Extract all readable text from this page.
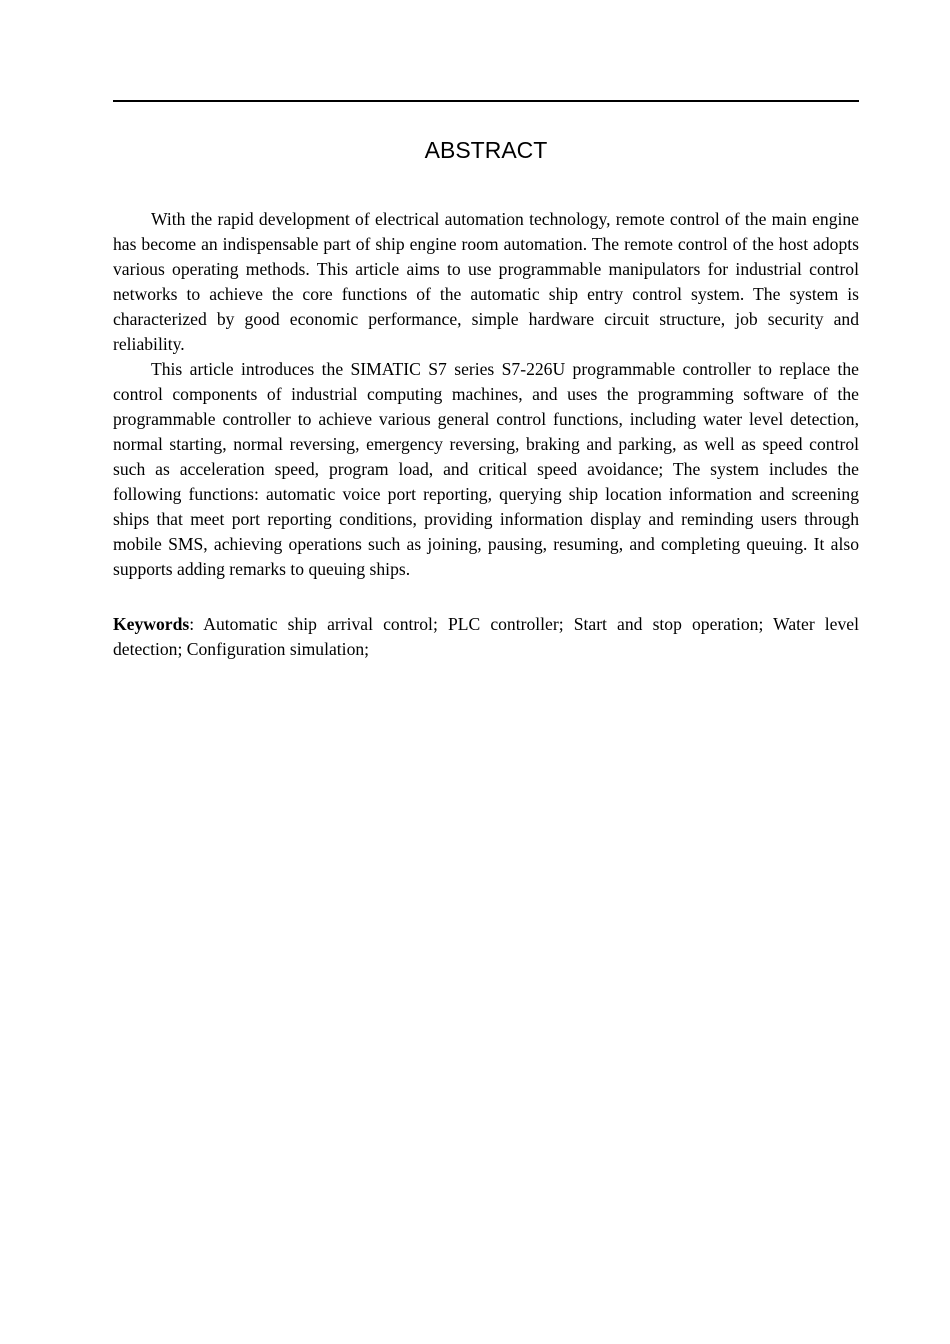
ABSTRACT

With the rapid development of electrical automation technology, remote control of the main engine has become an indispensable part of ship engine room automation. The remote control of the host adopts various operating methods. This article aims to use programmable manipulators for industrial control networks to achieve the core functions of the automatic ship entry control system. The system is characterized by good economic performance, simple hardware circuit structure, job security and reliability.

This article introduces the SIMATIC S7 series S7-226U programmable controller to replace the control components of industrial computing machines, and uses the programming software of the programmable controller to achieve various general control functions, including water level detection, normal starting, normal reversing, emergency reversing, braking and parking, as well as speed control such as acceleration speed, program load, and critical speed avoidance; The system includes the following functions: automatic voice port reporting, querying ship location information and screening ships that meet port reporting conditions, providing information display and reminding users through mobile SMS, achieving operations such as joining, pausing, resuming, and completing queuing. It also supports adding remarks to queuing ships.

Keywords: Automatic ship arrival control; PLC controller; Start and stop operation; Water level detection; Configuration simulation;
